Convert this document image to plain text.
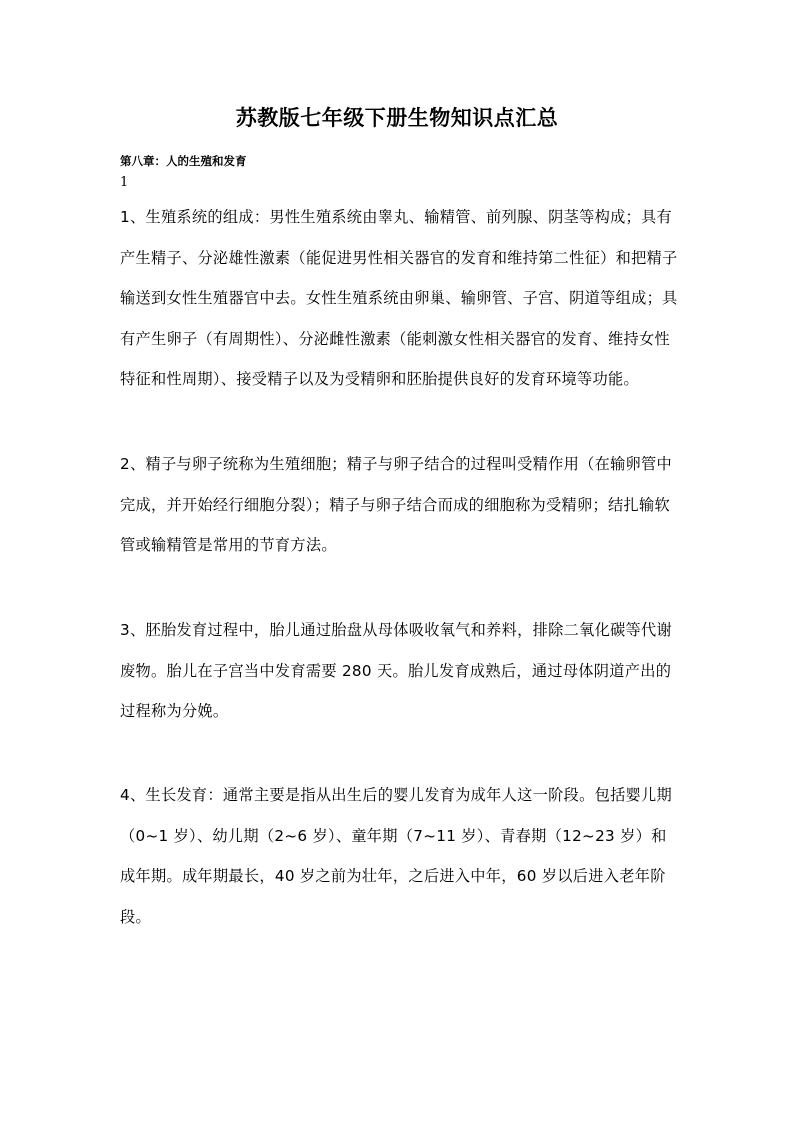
苏教版七年级下册生物知识点汇总
第八章：人的生殖和发育
1

1、生殖系统的组成：男性生殖系统由睾丸、输精管、前列腺、阴茎等构成；具有产生精子、分泌雄性激素（能促进男性相关器官的发育和维持第二性征）和把精子输送到女性生殖器官中去。女性生殖系统由卵巢、输卵管、子宫、阴道等组成；具有产生卵子（有周期性）、分泌雌性激素（能刺激女性相关器官的发育、维持女性特征和性周期）、接受精子以及为受精卵和胚胎提供良好的发育环境等功能。

2、精子与卵子统称为生殖细胞；精子与卵子结合的过程叫受精作用（在输卵管中完成，并开始经行细胞分裂）；精子与卵子结合而成的细胞称为受精卵；结扎输软管或输精管是常用的节育方法。

3、胚胎发育过程中，胎儿通过胎盘从母体吸收氧气和养料，排除二氧化碳等代谢废物。胎儿在子宫当中发育需要 280 天。胎儿发育成熟后，通过母体阴道产出的过程称为分娩。

4、生长发育：通常主要是指从出生后的婴儿发育为成年人这一阶段。包括婴儿期（0~1 岁）、幼儿期（2~6 岁）、童年期（7~11 岁）、青春期（12~23 岁）和成年期。成年期最长，40 岁之前为壮年，之后进入中年，60 岁以后进入老年阶段。
